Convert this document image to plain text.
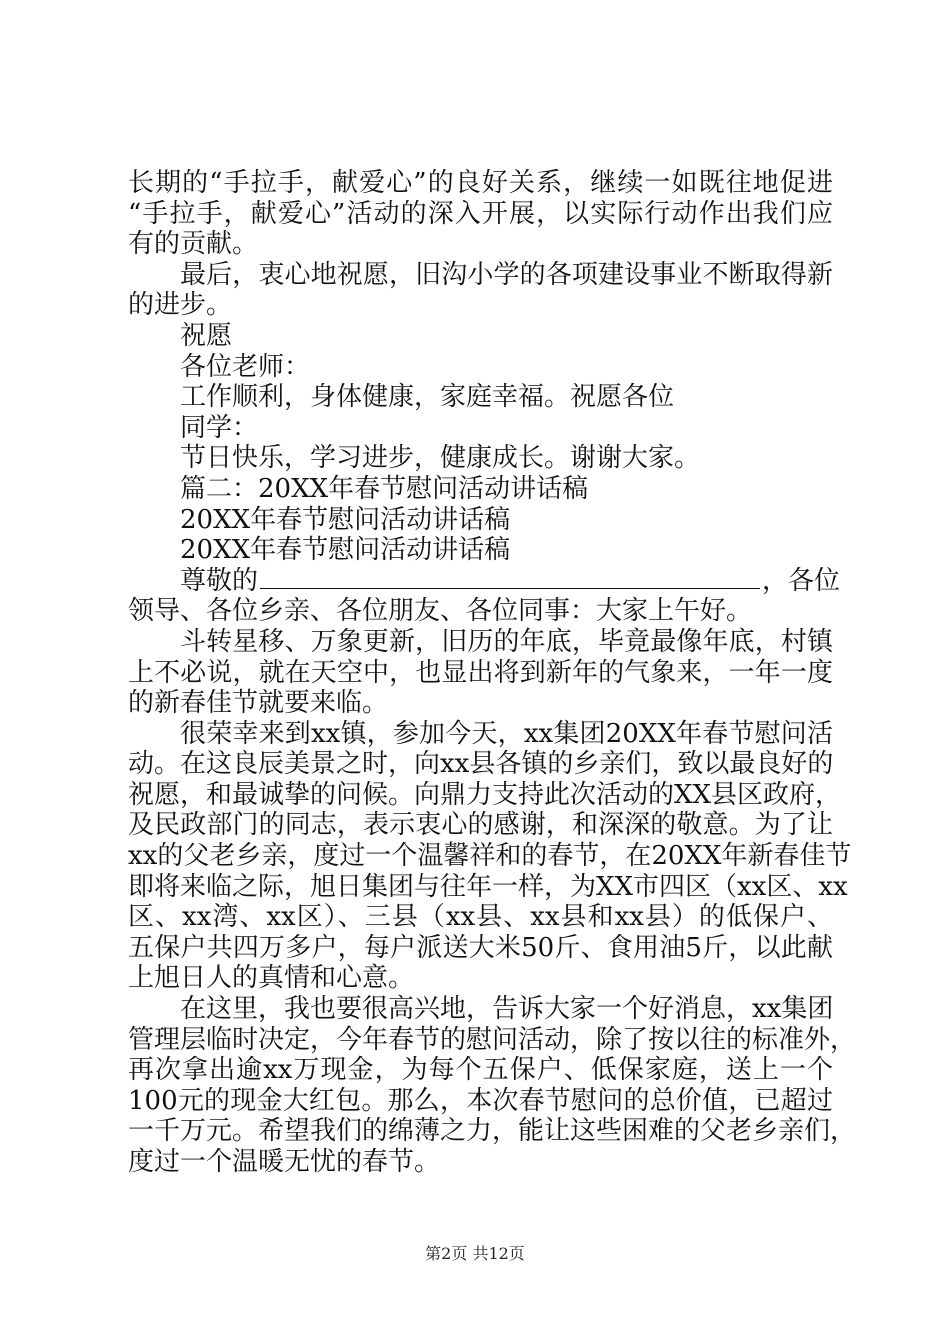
长期的“手拉手，献爱心”的良好关系，继续一如既往地促进
“手拉手，献爱心”活动的深入开展，以实际行动作出我们应
有的贡献。
最后，衷心地祝愿，旧沟小学的各项建设事业不断取得新
的进步。
祝愿
各位老师：
工作顺利，身体健康，家庭幸福。祝愿各位
同学：
节日快乐，学习进步，健康成长。谢谢大家。
篇二：20XX年春节慰问活动讲话稿
20XX年春节慰问活动讲话稿
20XX年春节慰问活动讲话稿
尊敬的	，各位
领导、各位乡亲、各位朋友、各位同事：大家上午好。
斗转星移、万象更新，旧历的年底，毕竟最像年底，村镇
上不必说，就在天空中，也显出将到新年的气象来，一年一度
的新春佳节就要来临。
很荣幸来到xx镇，参加今天，xx集团20XX年春节慰问活
动。在这良辰美景之时，向xx县各镇的乡亲们，致以最良好的
祝愿，和最诚挚的问候。向鼎力支持此次活动的XX县区政府，
及民政部门的同志，表示衷心的感谢，和深深的敬意。为了让
xx的父老乡亲，度过一个温馨祥和的春节，在20XX年新春佳节
即将来临之际，旭日集团与往年一样，为XX市四区（xx区、xx
区、xx湾、xx区）、三县（xx县、xx县和xx县）的低保户、
五保户共四万多户，每户派送大米50斤、食用油5斤，以此献
上旭日人的真情和心意。
在这里，我也要很高兴地，告诉大家一个好消息，xx集团
管理层临时决定，今年春节的慰问活动，除了按以往的标准外，
再次拿出逾xx万现金，为每个五保户、低保家庭，送上一个
100元的现金大红包。那么，本次春节慰问的总价值，已超过
一千万元。希望我们的绵薄之力，能让这些困难的父老乡亲们，
度过一个温暖无忧的春节。
第2页 共12页
